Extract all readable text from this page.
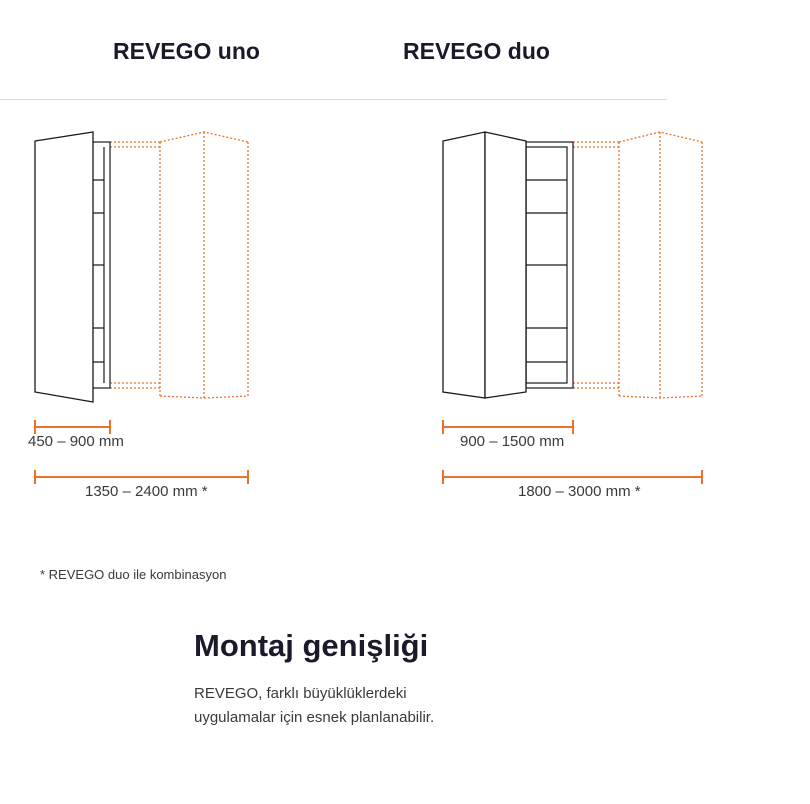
REVEGO uno	REVEGO duo
450 – 900 mm
1350 – 2400 mm *
900 – 1500 mm
1800 – 3000 mm *
* REVEGO duo ile kombinasyon
Montaj genişliği

REVEGO, farklı büyüklüklerdeki uygulamalar için esnek planlanabilir.
